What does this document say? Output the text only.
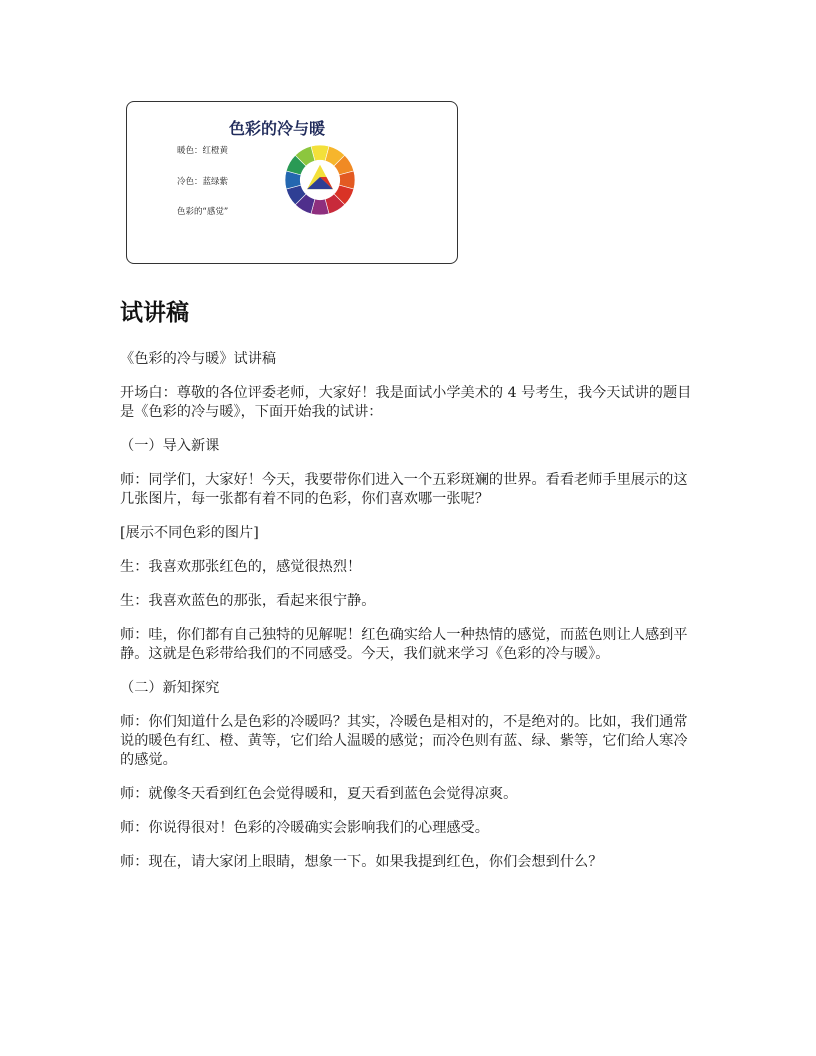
色彩的冷与暖
暖色：红橙黄
冷色：蓝绿紫
色彩的“感觉”
试讲稿

《色彩的冷与暖》试讲稿

开场白：尊敬的各位评委老师，大家好！我是面试小学美术的 4 号考生，我今天试讲的题目是《色彩的冷与暖》，下面开始我的试讲：

（一）导入新课

师：同学们，大家好！今天，我要带你们进入一个五彩斑斓的世界。看看老师手里展示的这几张图片，每一张都有着不同的色彩，你们喜欢哪一张呢？

[展示不同色彩的图片]

生：我喜欢那张红色的，感觉很热烈！

生：我喜欢蓝色的那张，看起来很宁静。

师：哇，你们都有自己独特的见解呢！红色确实给人一种热情的感觉，而蓝色则让人感到平静。这就是色彩带给我们的不同感受。今天，我们就来学习《色彩的冷与暖》。

（二）新知探究

师：你们知道什么是色彩的冷暖吗？其实，冷暖色是相对的，不是绝对的。比如，我们通常说的暖色有红、橙、黄等，它们给人温暖的感觉；而冷色则有蓝、绿、紫等，它们给人寒冷的感觉。

师：就像冬天看到红色会觉得暖和，夏天看到蓝色会觉得凉爽。

师：你说得很对！色彩的冷暖确实会影响我们的心理感受。

师：现在，请大家闭上眼睛，想象一下。如果我提到红色，你们会想到什么？
